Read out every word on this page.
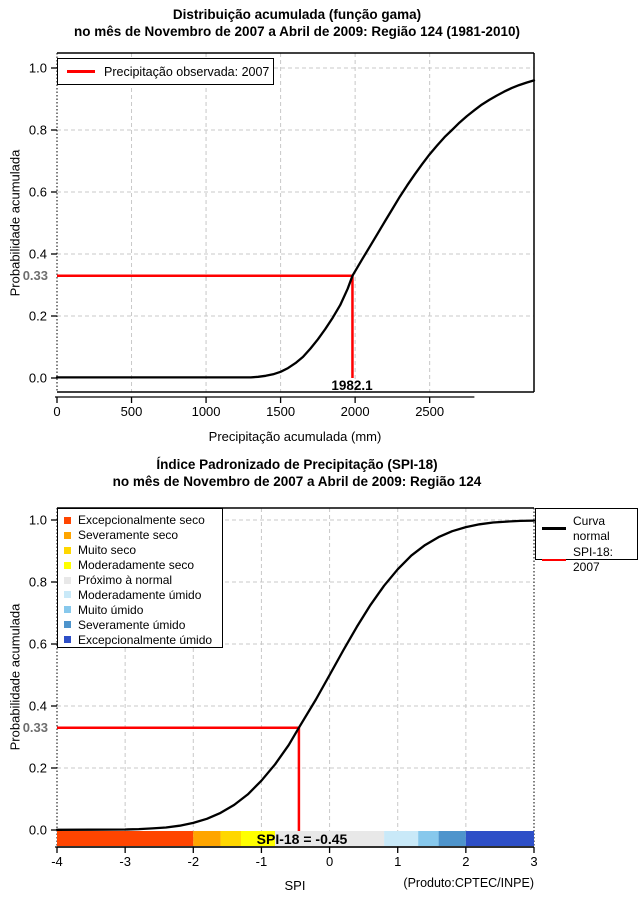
0	500	1000	1500	2000	2500
0.0
0.2
0.4
0.6
0.8
1.0
-4	-3	-2	-1	0	1	2	3
0.0
0.2
0.4
0.6
0.8
1.0
Distribuição acumulada (função gama)
no mês de Novembro de 2007 a Abril de 2009: Região 124 (1981-2010)
Probabilidade acumulada
Precipitação acumulada (mm)
0.33
1982.1
Precipitação observada: 2007
Índice Padronizado de Precipitação (SPI-18)
no mês de Novembro de 2007 a Abril de 2009: Região 124
Probabilidade acumulada
SPI
0.33
SPI-18 = -0.45
(Produto:CPTEC/INPE)
Excepcionalmente seco
Severamente seco
Muito seco
Moderadamente seco
Próximo à normal
Moderadamente úmido
Muito úmido
Severamente úmido
Excepcionalmente úmido
Curva
normal
SPI-18: 2007
